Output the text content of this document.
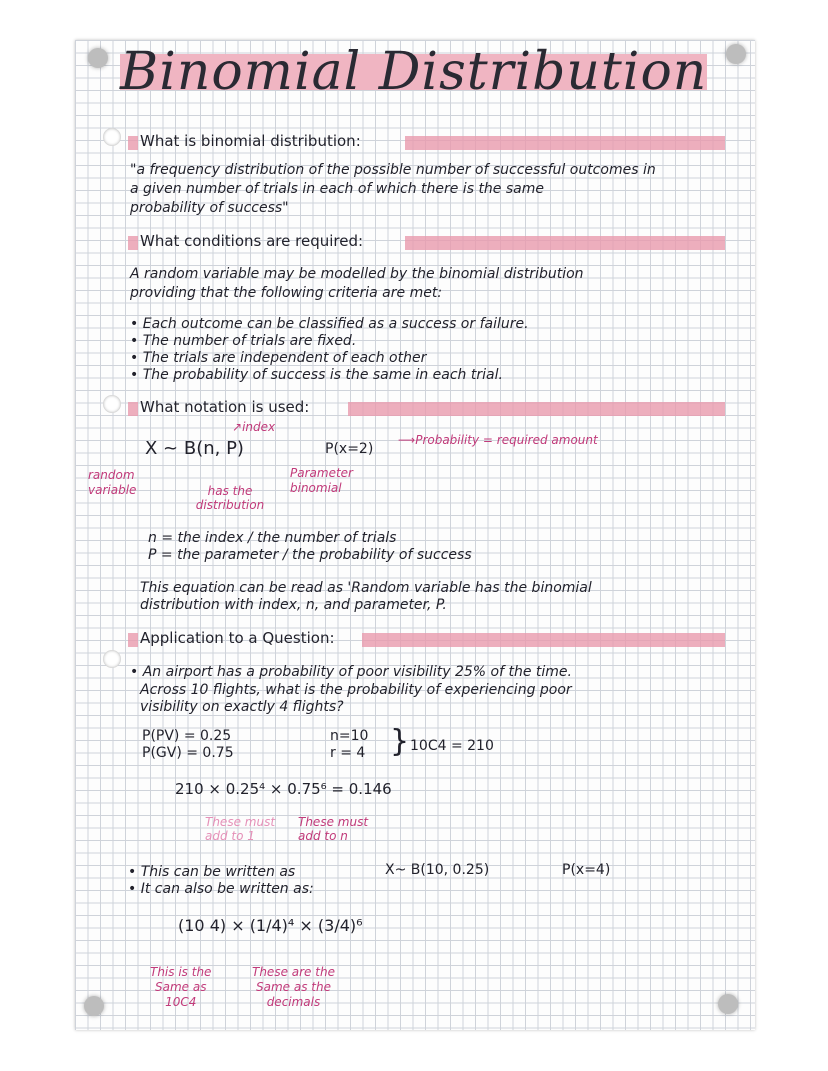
Binomial Distribution
What is binomial distribution:
"a frequency distribution of the possible number of successful outcomes in
a given number of trials in each of which there is the same
probability of success"
What conditions are required:
A random variable may be modelled by the binomial distribution
providing that the following criteria are met:
• Each outcome can be classified as a success or failure.
• The number of trials are fixed.
• The trials are independent of each other
• The probability of success is the same in each trial.
What notation is used:
↗index
X ~ B(n, P)	P(x=2)
⟶Probability = required amount
random variable	has the distribution
Parameter binomial
n = the index / the number of trials
P = the parameter / the probability of success
This equation can be read as 'Random variable has the binomial
distribution with index, n, and parameter, P.
Application to a Question:
• An airport has a probability of poor visibility 25% of the time.
Across 10 flights, what is the probability of experiencing poor
visibility on exactly 4 flights?
P(PV) = 0.25
P(GV) = 0.75
n=10
r = 4 } 10C4 = 210
210 × 0.25⁴ × 0.75⁶ = 0.146
These must add to 1
These must add to n
• This can be written as	X~ B(10, 0.25)	P(x=4)
• It can also be written as:
(10 4) × (1/4)⁴ × (3/4)⁶
This is the
Same as
10C4
These are the
Same as the
decimals
